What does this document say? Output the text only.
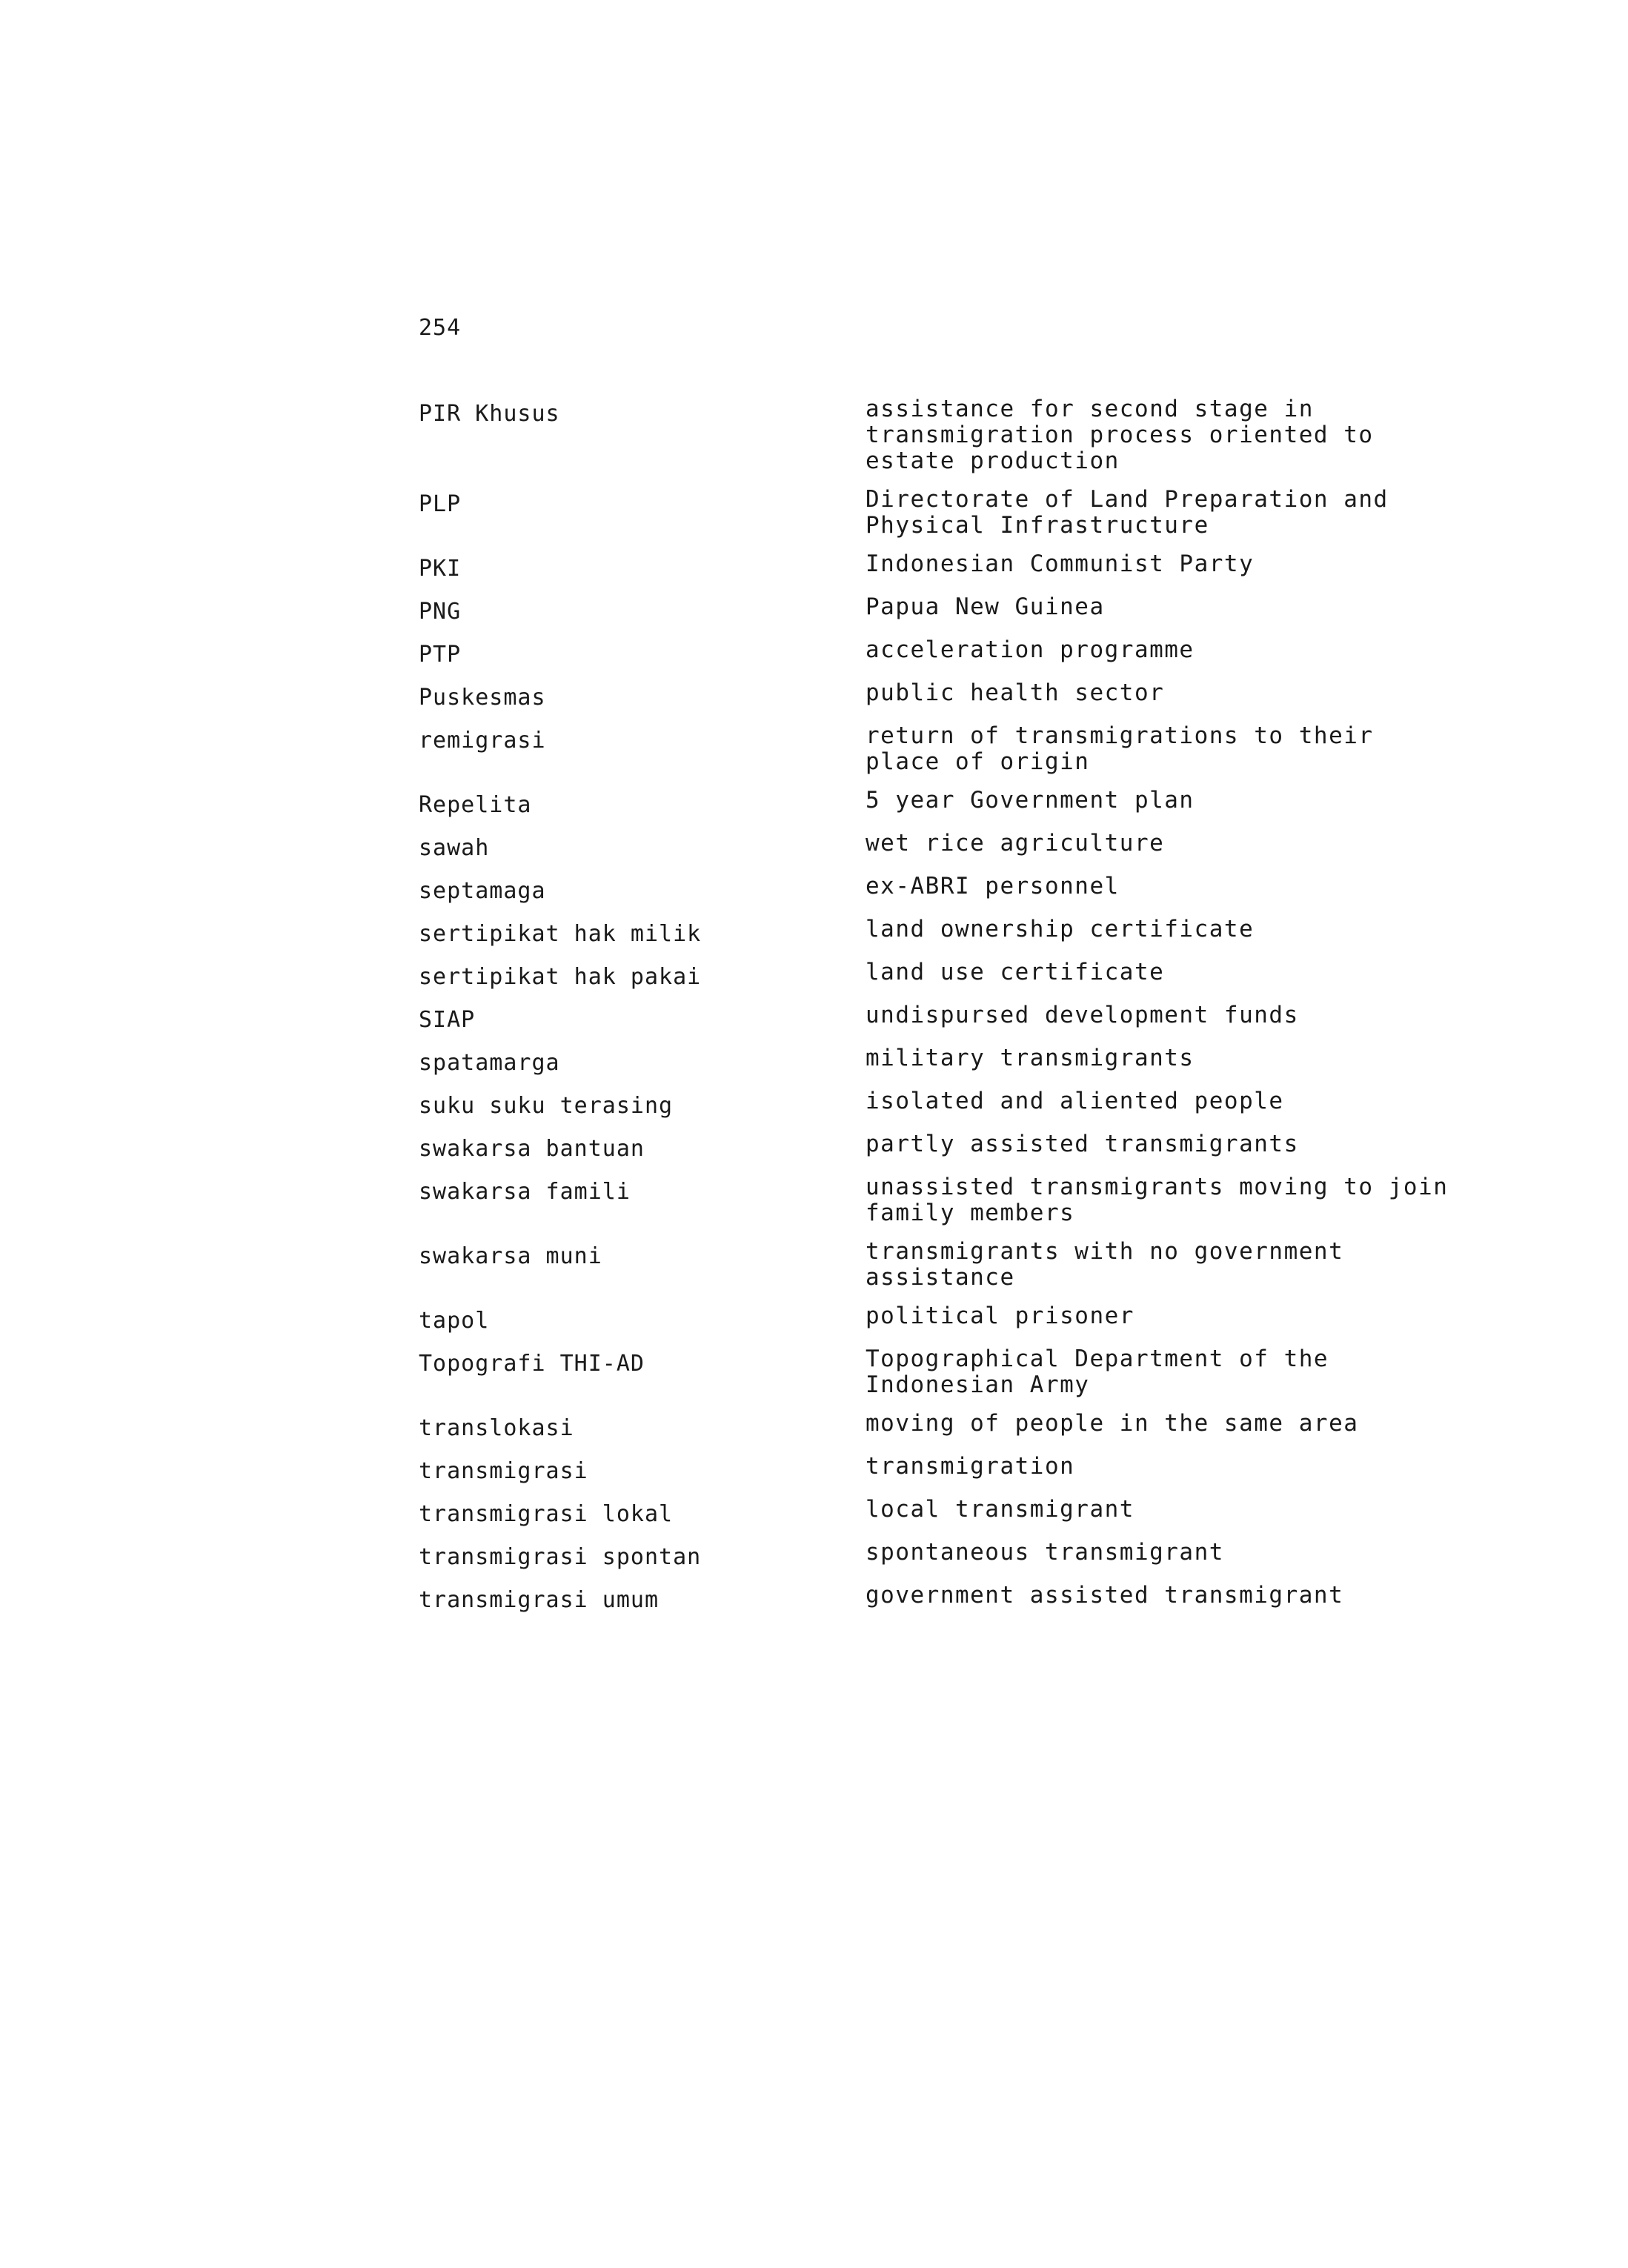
254
PIR Khusus	assistance for second stage in transmigration process oriented to estate production
PLP	Directorate of Land Preparation and Physical Infrastructure
PKI	Indonesian Communist Party
PNG	Papua New Guinea
PTP	acceleration programme
Puskesmas	public health sector
remigrasi	return of transmigrations to their place of origin
Repelita	5 year Government plan
sawah	wet rice agriculture
septamaga	ex-ABRI personnel
sertipikat hak milik	land ownership certificate
sertipikat hak pakai	land use certificate
SIAP	undispursed development funds
spatamarga	military transmigrants
suku suku terasing	isolated and aliented people
swakarsa bantuan	partly assisted transmigrants
swakarsa famili	unassisted transmigrants moving to join family members
swakarsa muni	transmigrants with no government assistance
tapol	political prisoner
Topografi THI-AD	Topographical Department of the Indonesian Army
translokasi	moving of people in the same area
transmigrasi	transmigration
transmigrasi lokal	local transmigrant
transmigrasi spontan	spontaneous transmigrant
transmigrasi umum	government assisted transmigrant
